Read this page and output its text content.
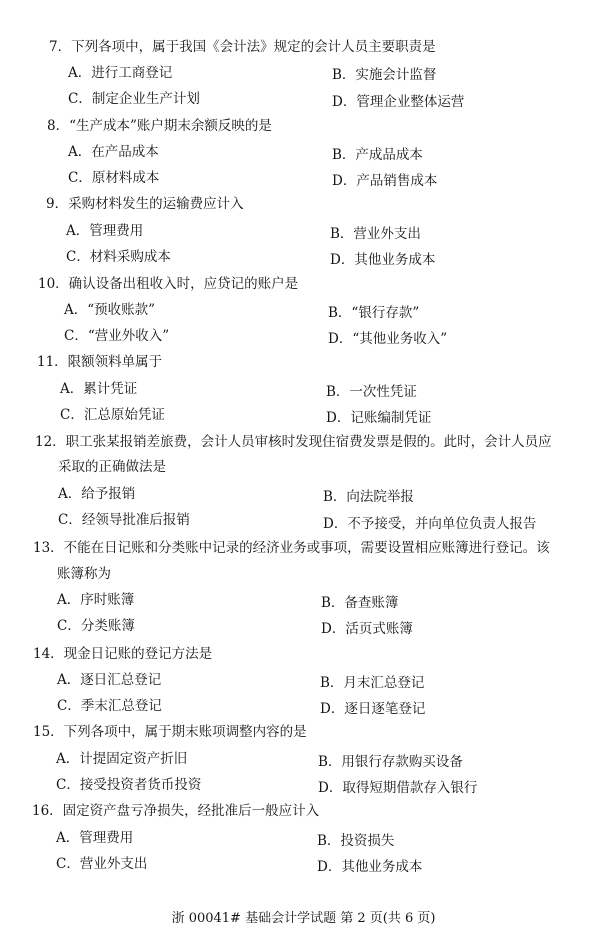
7．下列各项中，属于我国《会计法》规定的会计人员主要职责是
A．进行工商登记	B．实施会计监督
C．制定企业生产计划	D．管理企业整体运营
8．“生产成本”账户期末余额反映的是
A．在产品成本	B．产成品成本
C．原材料成本	D．产品销售成本
9．采购材料发生的运输费应计入
A．管理费用	B．营业外支出
C．材料采购成本	D．其他业务成本
10．确认设备出租收入时，应贷记的账户是
A．“预收账款”	B．“银行存款”
C．“营业外收入”	D．“其他业务收入”
11．限额领料单属于
A．累计凭证	B．一次性凭证
C．汇总原始凭证	D．记账编制凭证
12．职工张某报销差旅费，会计人员审核时发现住宿费发票是假的。此时，会计人员应
采取的正确做法是
A．给予报销	B．向法院举报
C．经领导批准后报销	D．不予接受，并向单位负责人报告
13．不能在日记账和分类账中记录的经济业务或事项，需要设置相应账簿进行登记。该
账簿称为
A．序时账簿	B．备查账簿
C．分类账簿	D．活页式账簿
14．现金日记账的登记方法是
A．逐日汇总登记	B．月末汇总登记
C．季末汇总登记	D．逐日逐笔登记
15．下列各项中，属于期末账项调整内容的是
A．计提固定资产折旧	B．用银行存款购买设备
C．接受投资者货币投资	D．取得短期借款存入银行
16．固定资产盘亏净损失，经批准后一般应计入
A．管理费用	B．投资损失
C．营业外支出	D．其他业务成本
浙 00041# 基础会计学试题 第 2 页(共 6 页)
